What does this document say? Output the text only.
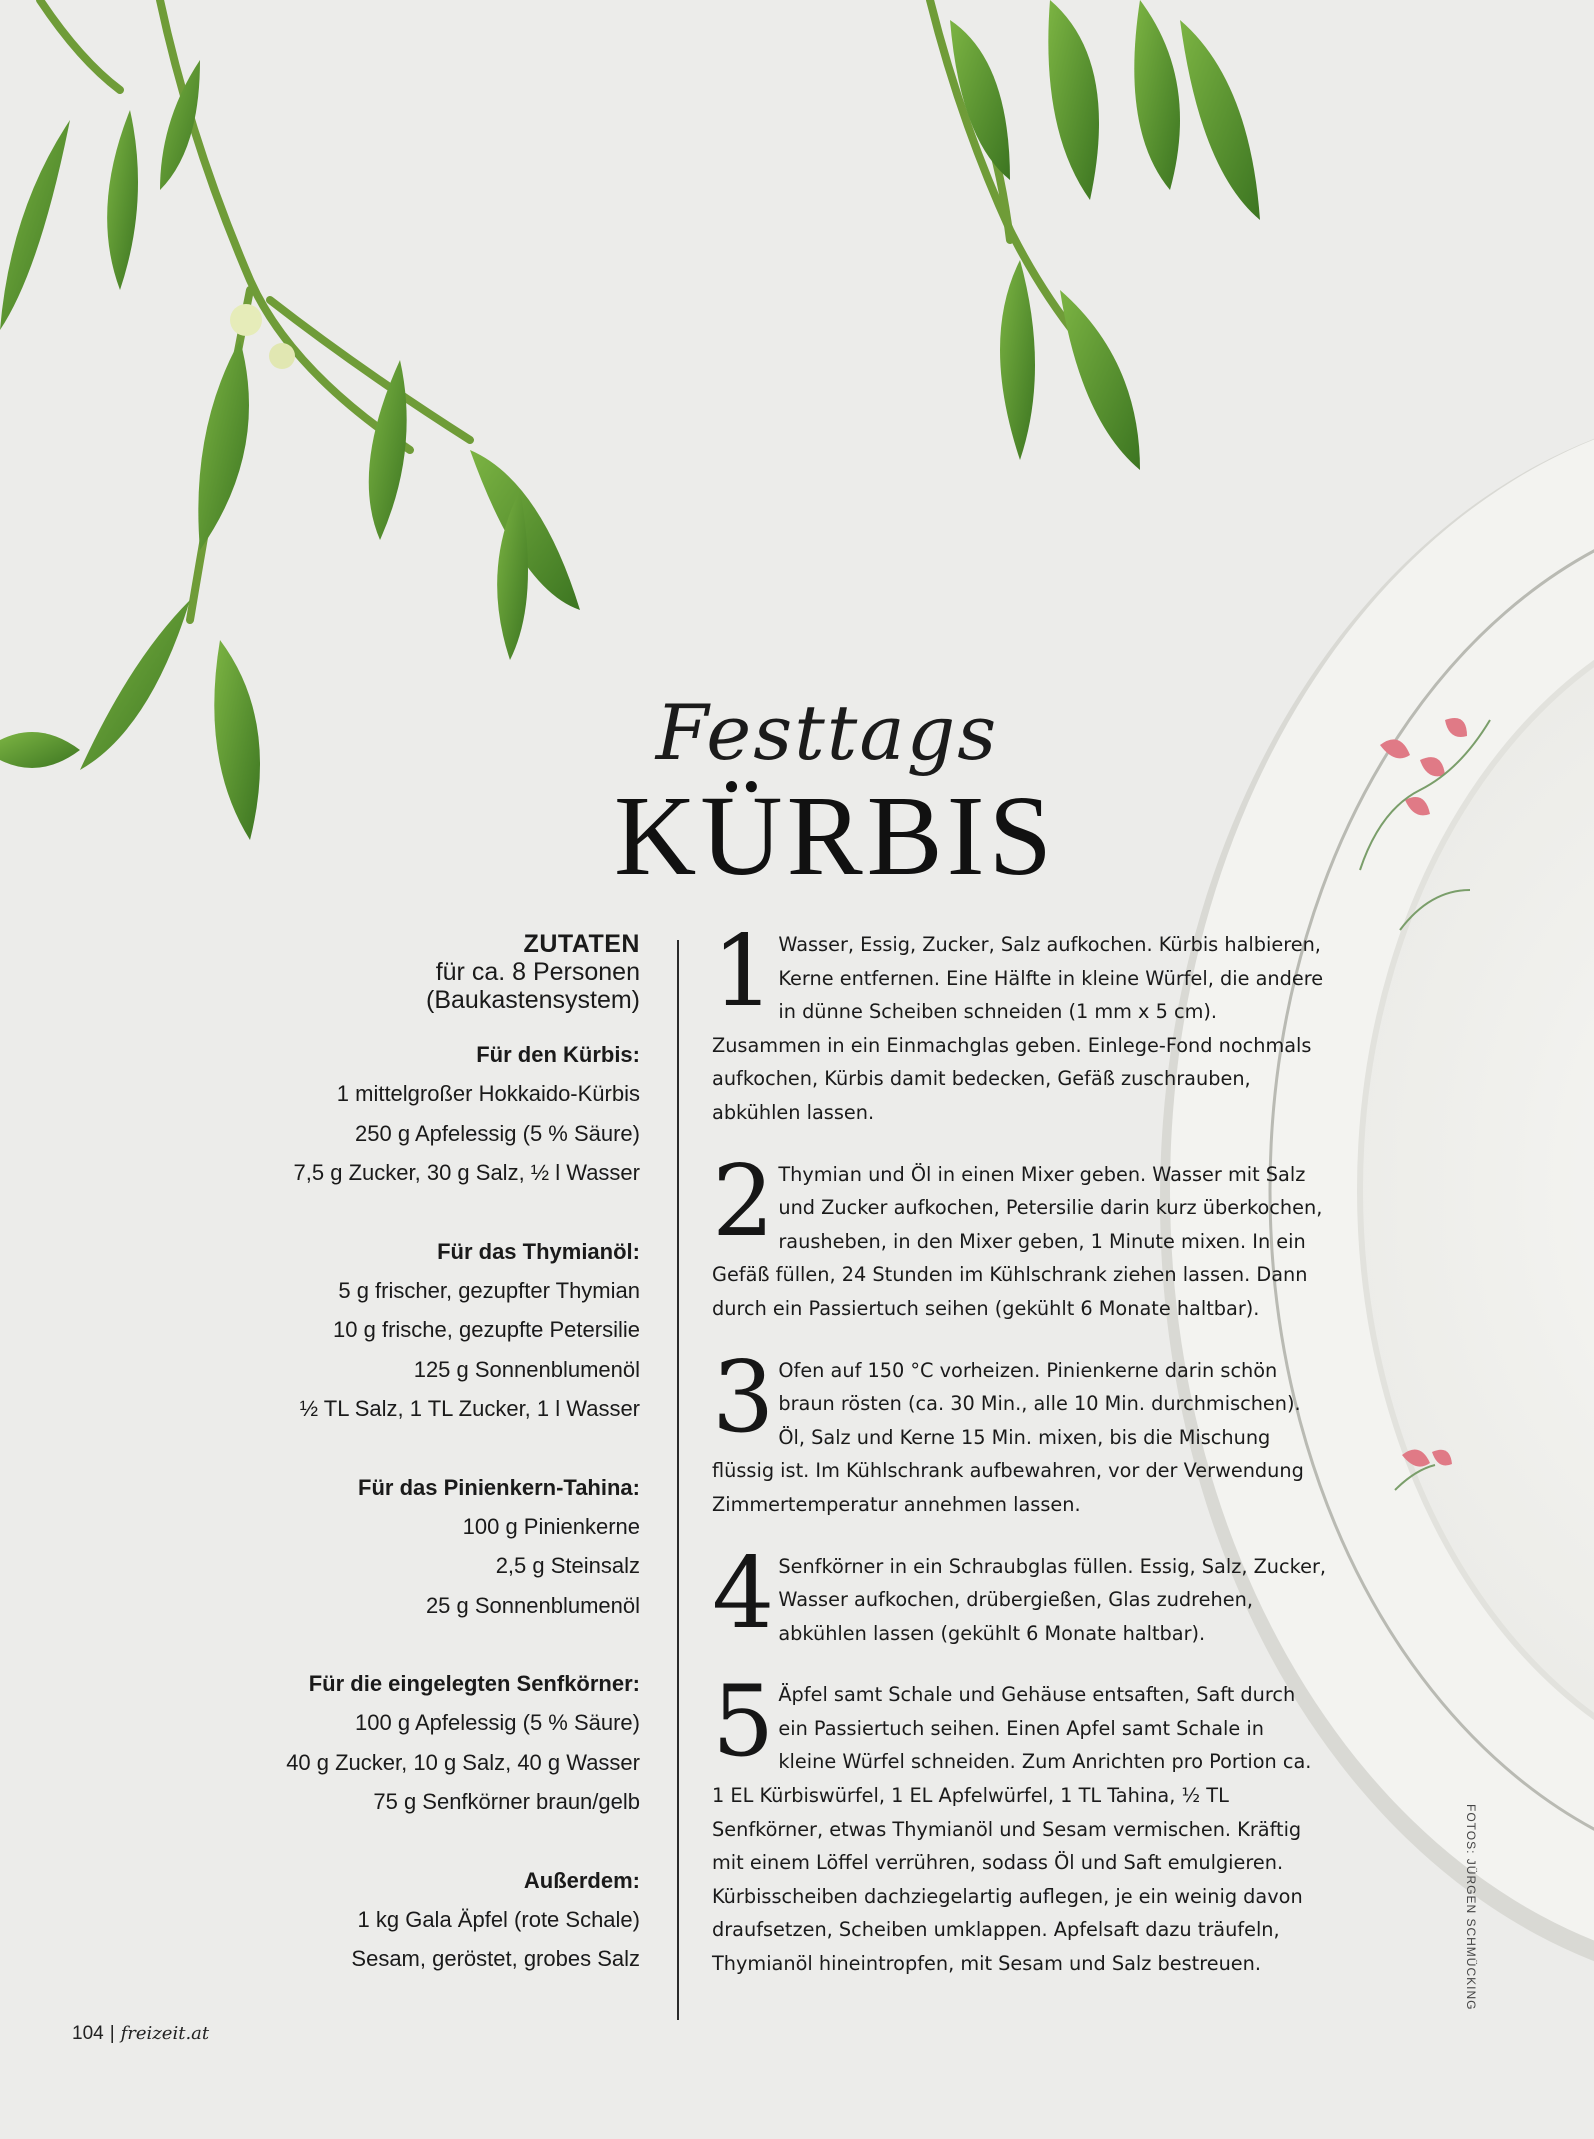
Festtags
KÜRBIS
ZUTATEN
für ca. 8 Personen
(Baukastensystem)
Für den Kürbis:
1 mittelgroßer Hokkaido-Kürbis
250 g Apfelessig (5 % Säure)
7,5 g Zucker, 30 g Salz, ½ l Wasser
Für das Thymianöl:
5 g frischer, gezupfter Thymian
10 g frische, gezupfte Petersilie
125 g Sonnenblumenöl
½ TL Salz, 1 TL Zucker, 1 l Wasser
Für das Pinienkern-Tahina:
100 g Pinienkerne
2,5 g Steinsalz
25 g Sonnenblumenöl
Für die eingelegten Senfkörner:
100 g Apfelessig (5 % Säure)
40 g Zucker, 10 g Salz, 40 g Wasser
75 g Senfkörner braun/gelb
Außerdem:
1 kg Gala Äpfel (rote Schale)
Sesam, geröstet, grobes Salz
1 Wasser, Essig, Zucker, Salz aufkochen. Kürbis halbieren, Kerne entfernen. Eine Hälfte in kleine Würfel, die andere in dünne Scheiben schneiden (1 mm x 5 cm). Zusammen in ein Einmachglas geben. Einlege-Fond nochmals aufkochen, Kürbis damit bedecken, Gefäß zuschrauben, abkühlen lassen.

2 Thymian und Öl in einen Mixer geben. Wasser mit Salz und Zucker aufkochen, Petersilie darin kurz überkochen, rausheben, in den Mixer geben, 1 Minute mixen. In ein Gefäß füllen, 24 Stunden im Kühlschrank ziehen lassen. Dann durch ein Passiertuch seihen (gekühlt 6 Monate haltbar).

3 Ofen auf 150 °C vorheizen. Pinienkerne darin schön braun rösten (ca. 30 Min., alle 10 Min. durchmischen). Öl, Salz und Kerne 15 Min. mixen, bis die Mischung flüssig ist. Im Kühlschrank aufbewahren, vor der Verwendung Zimmertemperatur annehmen lassen.

4 Senfkörner in ein Schraubglas füllen. Essig, Salz, Zucker, Wasser aufkochen, drübergießen, Glas zudrehen, abkühlen lassen (gekühlt 6 Monate haltbar).

5 Äpfel samt Schale und Gehäuse entsaften, Saft durch ein Passiertuch seihen. Einen Apfel samt Schale in kleine Würfel schneiden. Zum Anrichten pro Portion ca. 1 EL Kürbiswürfel, 1 EL Apfelwürfel, 1 TL Tahina, ½ TL Senfkörner, etwas Thymianöl und Sesam vermischen. Kräftig mit einem Löffel verrühren, sodass Öl und Saft emulgieren. Kürbisscheiben dachziegelartig auflegen, je ein weinig davon draufsetzen, Scheiben umklappen. Apfelsaft dazu träufeln, Thymianöl hineintropfen, mit Sesam und Salz bestreuen.	FOTOS: JÜRGEN SCHMÜCKING
104 | freizeit.at
